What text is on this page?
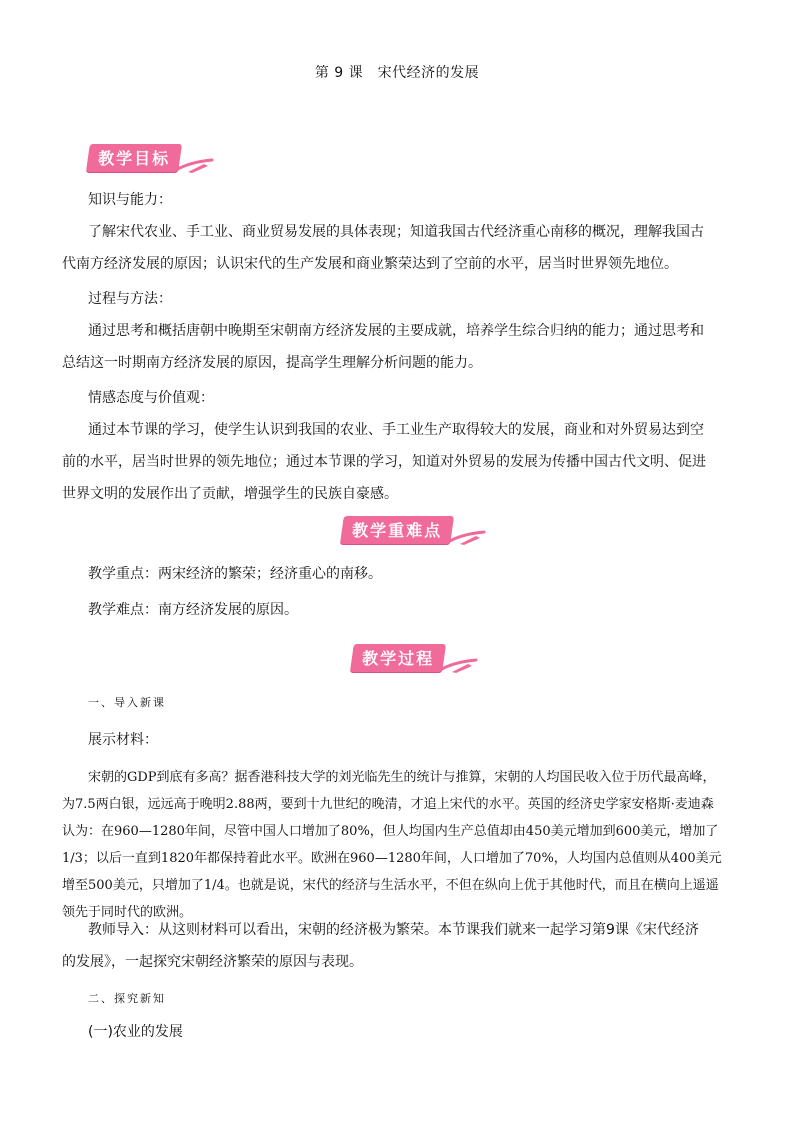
第 9 课　宋代经济的发展
教学目标
知识与能力：

了解宋代农业、手工业、商业贸易发展的具体表现；知道我国古代经济重心南移的概况，理解我国古代南方经济发展的原因；认识宋代的生产发展和商业繁荣达到了空前的水平，居当时世界领先地位。

过程与方法：

通过思考和概括唐朝中晚期至宋朝南方经济发展的主要成就，培养学生综合归纳的能力；通过思考和总结这一时期南方经济发展的原因，提高学生理解分析问题的能力。

情感态度与价值观：

通过本节课的学习，使学生认识到我国的农业、手工业生产取得较大的发展，商业和对外贸易达到空前的水平，居当时世界的领先地位；通过本节课的学习，知道对外贸易的发展为传播中国古代文明、促进世界文明的发展作出了贡献，增强学生的民族自豪感。

教学重难点
教学重点：两宋经济的繁荣；经济重心的南移。
教学难点：南方经济发展的原因。
教学过程
一、导入新课
展示材料：

宋朝的GDP到底有多高？据香港科技大学的刘光临先生的统计与推算，宋朝的人均国民收入位于历代最高峰，为7.5两白银，远远高于晚明2.88两，要到十九世纪的晚清，才追上宋代的水平。英国的经济史学家安格斯·麦迪森认为：在960—1280年间，尽管中国人口增加了80%，但人均国内生产总值却由450美元增加到600美元，增加了1/3；以后一直到1820年都保持着此水平。欧洲在960—1280年间，人口增加了70%，人均国内总值则从400美元增至500美元，只增加了1/4。也就是说，宋代的经济与生活水平，不但在纵向上优于其他时代，而且在横向上遥遥领先于同时代的欧洲。

教师导入：从这则材料可以看出，宋朝的经济极为繁荣。本节课我们就来一起学习第9课《宋代经济的发展》，一起探究宋朝经济繁荣的原因与表现。

二、探究新知
(一)农业的发展
